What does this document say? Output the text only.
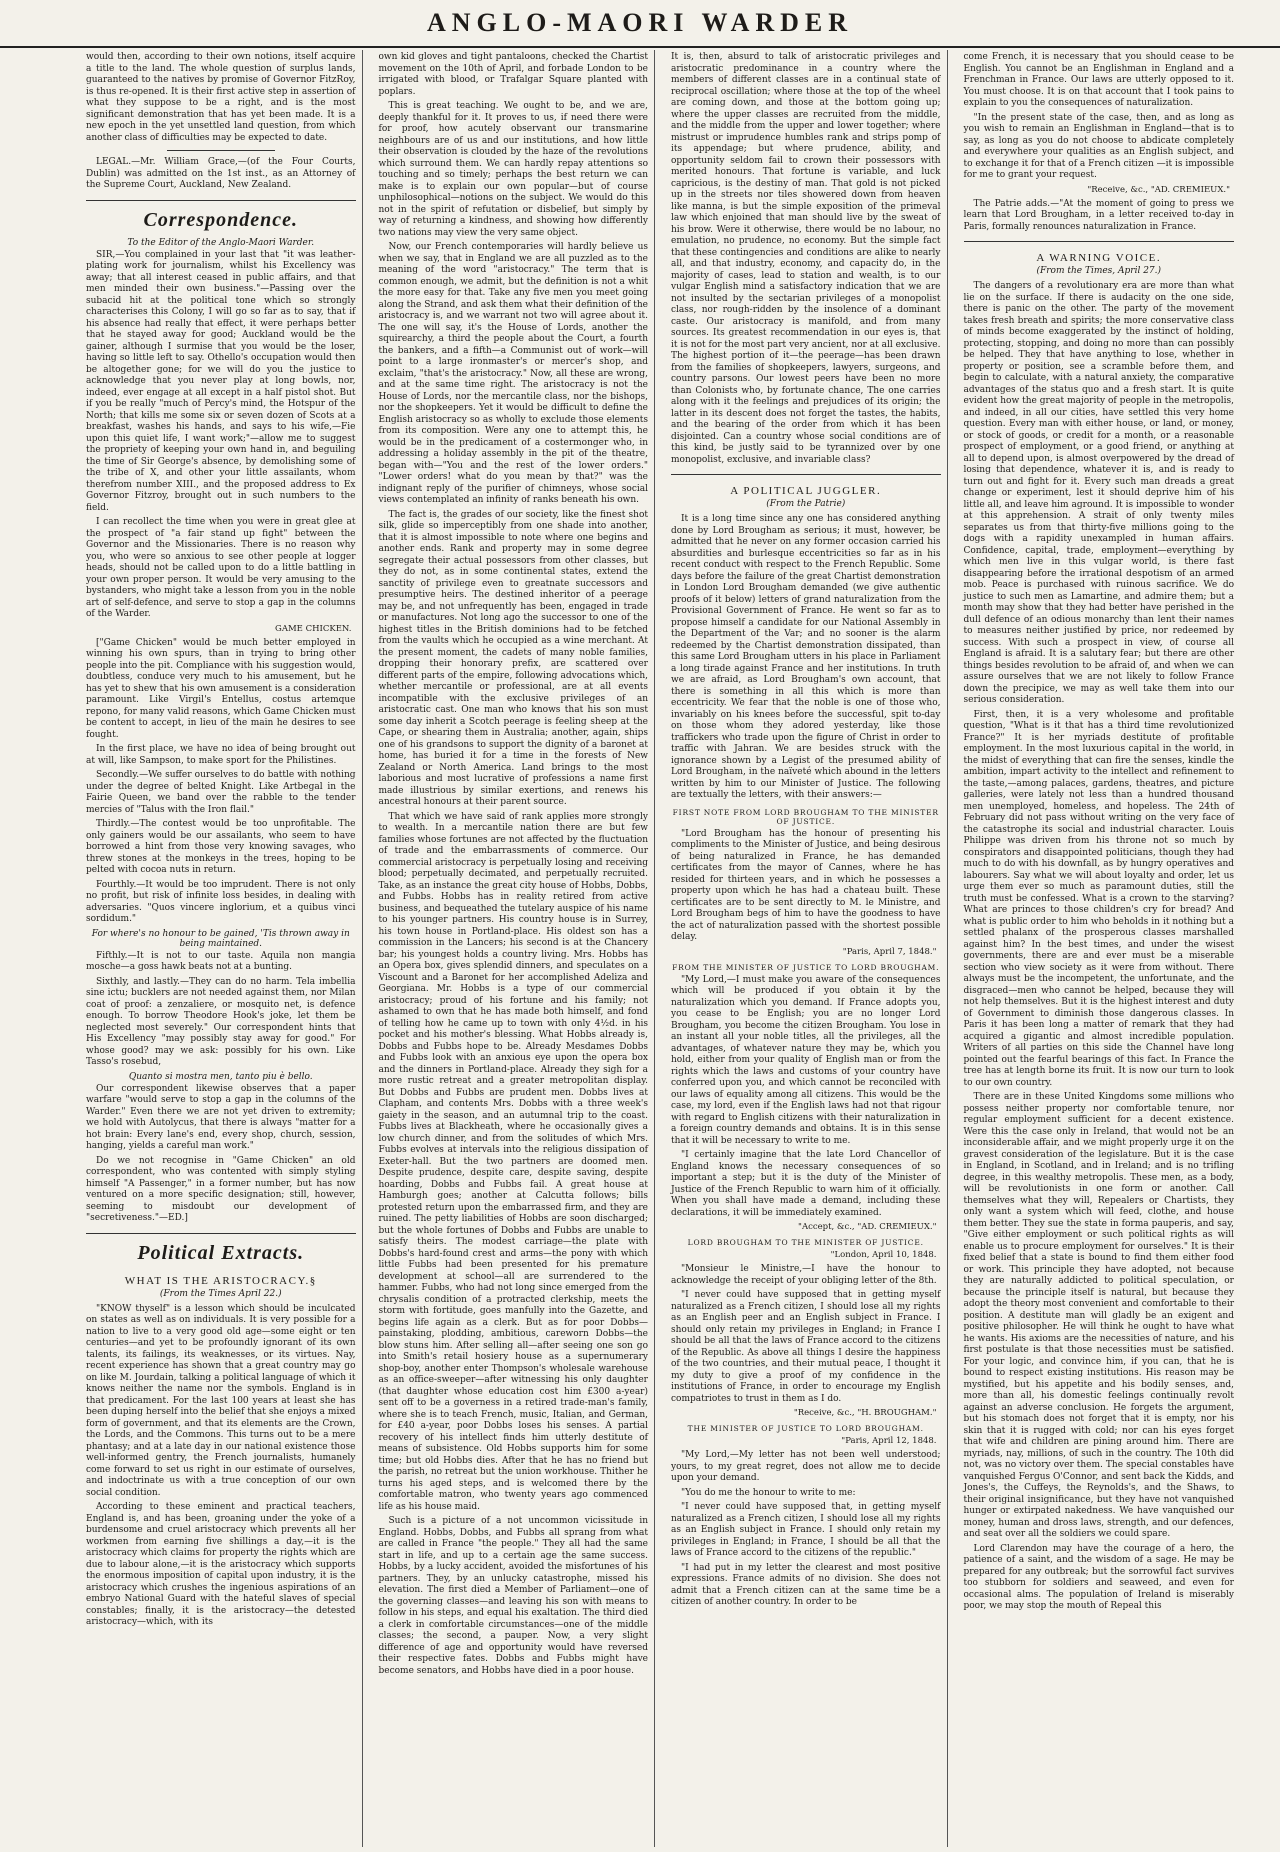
ANGLO-MAORI WARDER

would then, according to their own notions, itself acquire a title to the land. The whole question of surplus lands, guaranteed to the natives by promise of Governor FitzRoy, is thus re-opened. It is their first active step in assertion of what they suppose to be a right, and is the most significant demonstration that has yet been made. It is a new epoch in the yet unsettled land question, from which another class of difficulties may be expected to date.

LEGAL.—Mr. William Grace,—(of the Four Courts, Dublin) was admitted on the 1st inst., as an Attorney of the Supreme Court, Auckland, New Zealand.

Correspondence.
To the Editor of the Anglo-Maori Warder.

SIR,—You complained in your last that "it was leather-plating work for journalism, whilst his Excellency was away; that all interest ceased in public affairs, and that men minded their own business."—Passing over the subacid hit at the political tone which so strongly characterises this Colony, I will go so far as to say, that if his absence had really that effect, it were perhaps better that he stayed away for good; Auckland would be the gainer, although I surmise that you would be the loser, having so little left to say. Othello's occupation would then be altogether gone; for we will do you the justice to acknowledge that you never play at long bowls, nor, indeed, ever engage at all except in a half pistol shot. But if you be really "much of Percy's mind, the Hotspur of the North; that kills me some six or seven dozen of Scots at a breakfast, washes his hands, and says to his wife,—Fie upon this quiet life, I want work;"—allow me to suggest the propriety of keeping your own hand in, and beguiling the time of Sir George's absence, by demolishing some of the tribe of X, and other your little assailants, whom therefrom number XIII., and the proposed address to Ex Governor Fitzroy, brought out in such numbers to the field.

I can recollect the time when you were in great glee at the prospect of "a fair stand up fight" between the Governor and the Missionaries. There is no reason why you, who were so anxious to see other people at logger heads, should not be called upon to do a little battling in your own proper person. It would be very amusing to the bystanders, who might take a lesson from you in the noble art of self-defence, and serve to stop a gap in the columns of the Warder.

GAME CHICKEN.

["Game Chicken" would be much better employed in winning his own spurs, than in trying to bring other people into the pit. Compliance with his suggestion would, doubtless, conduce very much to his amusement, but he has yet to shew that his own amusement is a consideration paramount. Like Virgil's Entellus, costus artemque repono, for many valid reasons, which Game Chicken must be content to accept, in lieu of the main he desires to see fought.

In the first place, we have no idea of being brought out at will, like Sampson, to make sport for the Philistines.

Secondly.—We suffer ourselves to do battle with nothing under the degree of belted Knight. Like Artbegal in the Fairie Queen, we band over the rabble to the tender mercies of "Talus with the Iron flail."

Thirdly.—The contest would be too unprofitable. The only gainers would be our assailants, who seem to have borrowed a hint from those very knowing savages, who threw stones at the monkeys in the trees, hoping to be pelted with cocoa nuts in return.

Fourthly.—It would be too imprudent. There is not only no profit, but risk of infinite loss besides, in dealing with adversaries. "Quos vincere inglorium, et a quibus vinci sordidum."

For where's no honour to be gained, 'Tis thrown away in being maintained.

Fifthly.—It is not to our taste. Aquila non mangia mosche—a goss hawk beats not at a bunting.

Sixthly, and lastly.—They can do no harm. Tela imbellia sine ictu; bucklers are not needed against them, nor Milan coat of proof: a zenzaliere, or mosquito net, is defence enough. To borrow Theodore Hook's joke, let them be neglected most severely." Our correspondent hints that His Excellency "may possibly stay away for good." For whose good? may we ask: possibly for his own. Like Tasso's rosebud,

Quanto si mostra men, tanto piu è bello.

Our correspondent likewise observes that a paper warfare "would serve to stop a gap in the columns of the Warder." Even there we are not yet driven to extremity; we hold with Autolycus, that there is always "matter for a hot brain: Every lane's end, every shop, church, session, hanging, yields a careful man work."

Do we not recognise in "Game Chicken" an old correspondent, who was contented with simply styling himself "A Passenger," in a former number, but has now ventured on a more specific designation; still, however, seeming to misdoubt our development of "secretiveness."—ED.]

Political Extracts.
WHAT IS THE ARISTOCRACY.§
(From the Times April 22.)

"KNOW thyself" is a lesson which should be inculcated on states as well as on individuals. It is very possible for a nation to live to a very good old age—some eight or ten centuries—and yet to be profoundly ignorant of its own talents, its failings, its weaknesses, or its virtues. Nay, recent experience has shown that a great country may go on like M. Jourdain, talking a political language of which it knows neither the name nor the symbols. England is in that predicament. For the last 100 years at least she has been duping herself into the belief that she enjoys a mixed form of government, and that its elements are the Crown, the Lords, and the Commons. This turns out to be a mere phantasy; and at a late day in our national existence those well-informed gentry, the French journalists, humanely come forward to set us right in our estimate of ourselves, and indoctrinate us with a true conception of our own social condition.

According to these eminent and practical teachers, England is, and has been, groaning under the yoke of a burdensome and cruel aristocracy which prevents all her workmen from earning five shillings a day,—it is the aristocracy which claims for property the rights which are due to labour alone,—it is the aristocracy which supports the enormous imposition of capital upon industry, it is the aristocracy which crushes the ingenious aspirations of an embryo National Guard with the hateful slaves of special constables; finally, it is the aristocracy—the detested aristocracy—which, with its

own kid gloves and tight pantaloons, checked the Chartist movement on the 10th of April, and forbade London to be irrigated with blood, or Trafalgar Square planted with poplars.

This is great teaching. We ought to be, and we are, deeply thankful for it. It proves to us, if need there were for proof, how acutely observant our transmarine neighbours are of us and our institutions, and how little their observation is clouded by the haze of the revolutions which surround them. We can hardly repay attentions so touching and so timely; perhaps the best return we can make is to explain our own popular—but of course unphilosophical—notions on the subject. We would do this not in the spirit of refutation or disbelief, but simply by way of returning a kindness, and showing how differently two nations may view the very same object.

Now, our French contemporaries will hardly believe us when we say, that in England we are all puzzled as to the meaning of the word "aristocracy." The term that is common enough, we admit, but the definition is not a whit the more easy for that. Take any five men you meet going along the Strand, and ask them what their definition of the aristocracy is, and we warrant not two will agree about it. The one will say, it's the House of Lords, another the squirearchy, a third the people about the Court, a fourth the bankers, and a fifth—a Communist out of work—will point to a large ironmaster's or mercer's shop, and exclaim, "that's the aristocracy." Now, all these are wrong, and at the same time right. The aristocracy is not the House of Lords, nor the mercantile class, nor the bishops, nor the shopkeepers. Yet it would be difficult to define the English aristocracy so as wholly to exclude those elements from its composition. Were any one to attempt this, he would be in the predicament of a costermonger who, in addressing a holiday assembly in the pit of the theatre, began with—"You and the rest of the lower orders." "Lower orders! what do you mean by that?" was the indignant reply of the purifier of chimneys, whose social views contemplated an infinity of ranks beneath his own.

The fact is, the grades of our society, like the finest shot silk, glide so imperceptibly from one shade into another, that it is almost impossible to note where one begins and another ends. Rank and property may in some degree segregate their actual possessors from other classes, but they do not, as in some continental states, extend the sanctity of privilege even to greatnate successors and presumptive heirs. The destined inheritor of a peerage may be, and not unfrequently has been, engaged in trade or manufactures. Not long ago the successor to one of the highest titles in the British dominions had to be fetched from the vaults which he occupied as a wine merchant. At the present moment, the cadets of many noble families, dropping their honorary prefix, are scattered over different parts of the empire, following advocations which, whether mercantile or professional, are at all events incompatible with the exclusive privileges of an aristocratic cast. One man who knows that his son must some day inherit a Scotch peerage is feeling sheep at the Cape, or shearing them in Australia; another, again, ships one of his grandsons to support the dignity of a baronet at home, has buried it for a time in the forests of New Zealand or North America. Land brings to the most laborious and most lucrative of professions a name first made illustrious by similar exertions, and renews his ancestral honours at their parent source.

That which we have said of rank applies more strongly to wealth. In a mercantile nation there are but few families whose fortunes are not affected by the fluctuation of trade and the embarrassments of commerce. Our commercial aristocracy is perpetually losing and receiving blood; perpetually decimated, and perpetually recruited. Take, as an instance the great city house of Hobbs, Dobbs, and Fubbs. Hobbs has in reality retired from active business, and bequeathed the tutelary auspice of his name to his younger partners. His country house is in Surrey, his town house in Portland-place. His oldest son has a commission in the Lancers; his second is at the Chancery bar; his youngest holds a country living. Mrs. Hobbs has an Opera box, gives splendid dinners, and speculates on a Viscount and a Baronet for her accomplished Adeliza and Georgiana. Mr. Hobbs is a type of our commercial aristocracy; proud of his fortune and his family; not ashamed to own that he has made both himself, and fond of telling how he came up to town with only 4½d. in his pocket and his mother's blessing. What Hobbs already is, Dobbs and Fubbs hope to be. Already Mesdames Dobbs and Fubbs look with an anxious eye upon the opera box and the dinners in Portland-place. Already they sigh for a more rustic retreat and a greater metropolitan display. But Dobbs and Fubbs are prudent men. Dobbs lives at Clapham, and contents Mrs. Dobbs with a three week's gaiety in the season, and an autumnal trip to the coast. Fubbs lives at Blackheath, where he occasionally gives a low church dinner, and from the solitudes of which Mrs. Fubbs evolves at intervals into the religious dissipation of Exeter-hall. But the two partners are doomed men. Despite prudence, despite care, despite saving, despite hoarding, Dobbs and Fubbs fail. A great house at Hamburgh goes; another at Calcutta follows; bills protested return upon the embarrassed firm, and they are ruined. The petty liabilities of Hobbs are soon discharged; but the whole fortunes of Dobbs and Fubbs are unable to satisfy theirs. The modest carriage—the plate with Dobbs's hard-found crest and arms—the pony with which little Fubbs had been presented for his premature development at school—all are surrendered to the hammer. Fubbs, who had not long since emerged from the chrysalis condition of a protracted clerkship, meets the storm with fortitude, goes manfully into the Gazette, and begins life again as a clerk. But as for poor Dobbs—painstaking, plodding, ambitious, careworn Dobbs—the blow stuns him. After selling all—after seeing one son go into Smith's retail hosiery house as a supernumerary shop-boy, another enter Thompson's wholesale warehouse as an office-sweeper—after witnessing his only daughter (that daughter whose education cost him £300 a-year) sent off to be a governess in a retired trade-man's family, where she is to teach French, music, Italian, and German, for £40 a-year, poor Dobbs loses his senses. A partial recovery of his intellect finds him utterly destitute of means of subsistence. Old Hobbs supports him for some time; but old Hobbs dies. After that he has no friend but the parish, no retreat but the union workhouse. Thither he turns his aged steps, and is welcomed there by the comfortable matron, who twenty years ago commenced life as his house maid.

Such is a picture of a not uncommon vicissitude in England. Hobbs, Dobbs, and Fubbs all sprang from what are called in France "the people." They all had the same start in life, and up to a certain age the same success. Hobbs, by a lucky accident, avoided the misfortunes of his partners. They, by an unlucky catastrophe, missed his elevation. The first died a Member of Parliament—one of the governing classes—and leaving his son with means to follow in his steps, and equal his exaltation. The third died a clerk in comfortable circumstances—one of the middle classes; the second, a pauper. Now, a very slight difference of age and opportunity would have reversed their respective fates. Dobbs and Fubbs might have become senators, and Hobbs have died in a poor house.

It is, then, absurd to talk of aristocratic privileges and aristocratic predominance in a country where the members of different classes are in a continual state of reciprocal oscillation; where those at the top of the wheel are coming down, and those at the bottom going up; where the upper classes are recruited from the middle, and the middle from the upper and lower together; where mistrust or imprudence humbles rank and strips pomp of its appendage; but where prudence, ability, and opportunity seldom fail to crown their possessors with merited honours. That fortune is variable, and luck capricious, is the destiny of man. That gold is not picked up in the streets nor tiles showered down from heaven like manna, is but the simple exposition of the primeval law which enjoined that man should live by the sweat of his brow. Were it otherwise, there would be no labour, no emulation, no prudence, no economy. But the simple fact that these contingencies and conditions are alike to nearly all, and that industry, economy, and capacity do, in the majority of cases, lead to station and wealth, is to our vulgar English mind a satisfactory indication that we are not insulted by the sectarian privileges of a monopolist class, nor rough-ridden by the insolence of a dominant caste. Our aristocracy is manifold, and from many sources. Its greatest recommendation in our eyes is, that it is not for the most part very ancient, nor at all exclusive. The highest portion of it—the peerage—has been drawn from the families of shopkeepers, lawyers, surgeons, and country parsons. Our lowest peers have been no more than Colonists who, by fortunate chance, The one carries along with it the feelings and prejudices of its origin; the latter in its descent does not forget the tastes, the habits, and the bearing of the order from which it has been disjointed. Can a country whose social conditions are of this kind, be justly said to be tyrannized over by one monopolist, exclusive, and invariable class?

A POLITICAL JUGGLER.
(From the Patrie)

It is a long time since any one has considered anything done by Lord Brougham as serious; it must, however, be admitted that he never on any former occasion carried his absurdities and burlesque eccentricities so far as in his recent conduct with respect to the French Republic. Some days before the failure of the great Chartist demonstration in London Lord Brougham demanded (we give authentic proofs of it below) letters of grand naturalization from the Provisional Government of France. He went so far as to propose himself a candidate for our National Assembly in the Department of the Var; and no sooner is the alarm redeemed by the Chartist demonstration dissipated, than this same Lord Brougham utters in his place in Parliament a long tirade against France and her institutions. In truth we are afraid, as Lord Brougham's own account, that there is something in all this which is more than eccentricity. We fear that the noble is one of those who, invariably on his knees before the successful, spit to-day on those whom they adored yesterday, like those traffickers who trade upon the figure of Christ in order to traffic with Jahran. We are besides struck with the ignorance shown by a Legist of the presumed ability of Lord Brougham, in the naïveté which abound in the letters written by him to our Minister of Justice. The following are textually the letters, with their answers:—

FIRST NOTE FROM LORD BROUGHAM TO THE MINISTER OF JUSTICE.

"Lord Brougham has the honour of presenting his compliments to the Minister of Justice, and being desirous of being naturalized in France, he has demanded certificates from the mayor of Cannes, where he has resided for thirteen years, and in which he possesses a property upon which he has had a chateau built. These certificates are to be sent directly to M. le Ministre, and Lord Brougham begs of him to have the goodness to have the act of naturalization passed with the shortest possible delay.

"Paris, April 7, 1848."
FROM THE MINISTER OF JUSTICE TO LORD BROUGHAM.

"My Lord,—I must make you aware of the consequences which will be produced if you obtain it by the naturalization which you demand. If France adopts you, you cease to be English; you are no longer Lord Brougham, you become the citizen Brougham. You lose in an instant all your noble titles, all the privileges, all the advantages, of whatever nature they may be, which you hold, either from your quality of English man or from the rights which the laws and customs of your country have conferred upon you, and which cannot be reconciled with our laws of equality among all citizens. This would be the case, my lord, even if the English laws had not that rigour with regard to English citizens with their naturalization in a foreign country demands and obtains. It is in this sense that it will be necessary to write to me.

"I certainly imagine that the late Lord Chancellor of England knows the necessary consequences of so important a step; but it is the duty of the Minister of Justice of the French Republic to warn him of it officially. When you shall have made a demand, including these declarations, it will be immediately examined.

"Accept, &c., "AD. CREMIEUX."
LORD BROUGHAM TO THE MINISTER OF JUSTICE.
"London, April 10, 1848.

"Monsieur le Ministre,—I have the honour to acknowledge the receipt of your obliging letter of the 8th.

"I never could have supposed that in getting myself naturalized as a French citizen, I should lose all my rights as an English peer and an English subject in France. I should only retain my privileges in England; in France I should be all that the laws of France accord to the citizens of the Republic. As above all things I desire the happiness of the two countries, and their mutual peace, I thought it my duty to give a proof of my confidence in the institutions of France, in order to encourage my English compatriotes to trust in them as I do.

"Receive, &c., "H. BROUGHAM."
THE MINISTER OF JUSTICE TO LORD BROUGHAM.
"Paris, April 12, 1848.

"My Lord,—My letter has not been well understood; yours, to my great regret, does not allow me to decide upon your demand.

"You do me the honour to write to me:

"I never could have supposed that, in getting myself naturalized as a French citizen, I should lose all my rights as an English subject in France. I should only retain my privileges in England; in France, I should be all that the laws of France accord to the citizens of the republic."

"I had put in my letter the clearest and most positive expressions. France admits of no division. She does not admit that a French citizen can at the same time be a citizen of another country. In order to be

come French, it is necessary that you should cease to be English. You cannot be an Englishman in England and a Frenchman in France. Our laws are utterly opposed to it. You must choose. It is on that account that I took pains to explain to you the consequences of naturalization.

"In the present state of the case, then, and as long as you wish to remain an Englishman in England—that is to say, as long as you do not choose to abdicate completely and everywhere your qualities as an English subject, and to exchange it for that of a French citizen —it is impossible for me to grant your request.

"Receive, &c., "AD. CREMIEUX."

The Patrie adds.—"At the moment of going to press we learn that Lord Brougham, in a letter received to-day in Paris, formally renounces naturalization in France.

A WARNING VOICE.
(From the Times, April 27.)

The dangers of a revolutionary era are more than what lie on the surface. If there is audacity on the one side, there is panic on the other. The party of the movement takes fresh breath and spirits; the more conservative class of minds become exaggerated by the instinct of holding, protecting, stopping, and doing no more than can possibly be helped. They that have anything to lose, whether in property or position, see a scramble before them, and begin to calculate, with a natural anxiety, the comparative advantages of the status quo and a fresh start. It is quite evident how the great majority of people in the metropolis, and indeed, in all our cities, have settled this very home question. Every man with either house, or land, or money, or stock of goods, or credit for a month, or a reasonable prospect of employment, or a good friend, or anything at all to depend upon, is almost overpowered by the dread of losing that dependence, whatever it is, and is ready to turn out and fight for it. Every such man dreads a great change or experiment, lest it should deprive him of his little all, and leave him aground. It is impossible to wonder at this apprehension. A strait of only twenty miles separates us from that thirty-five millions going to the dogs with a rapidity unexampled in human affairs. Confidence, capital, trade, employment—everything by which men live in this vulgar world, is there fast disappearing before the irrational despotism of an armed mob. Peace is purchased with ruinous sacrifice. We do justice to such men as Lamartine, and admire them; but a month may show that they had better have perished in the dull defence of an odious monarchy than lent their names to measures neither justified by price, nor redeemed by success. With such a prospect in view, of course all England is afraid. It is a salutary fear; but there are other things besides revolution to be afraid of, and when we can assure ourselves that we are not likely to follow France down the precipice, we may as well take them into our serious consideration.

First, then, it is a very wholesome and profitable question, "What is it that has a third time revolutionized France?" It is her myriads destitute of profitable employment. In the most luxurious capital in the world, in the midst of everything that can fire the senses, kindle the ambition, impart activity to the intellect and refinement to the taste,—among palaces, gardens, theatres, and picture galleries, were lately not less than a hundred thousand men unemployed, homeless, and hopeless. The 24th of February did not pass without writing on the very face of the catastrophe its social and industrial character. Louis Philippe was driven from his throne not so much by conspirators and disappointed politicians, though they had much to do with his downfall, as by hungry operatives and labourers. Say what we will about loyalty and order, let us urge them ever so much as paramount duties, still the truth must be confessed. What is a crown to the starving? What are princes to those children's cry for bread? And what is public order to him who beholds in it nothing but a settled phalanx of the prosperous classes marshalled against him? In the best times, and under the wisest governments, there are and ever must be a miserable section who view society as it were from without. There always must be the incompetent, the unfortunate, and the disgraced—men who cannot be helped, because they will not help themselves. But it is the highest interest and duty of Government to diminish those dangerous classes. In Paris it has been long a matter of remark that they had acquired a gigantic and almost incredible population. Writers of all parties on this side the Channel have long pointed out the fearful bearings of this fact. In France the tree has at length borne its fruit. It is now our turn to look to our own country.

There are in these United Kingdoms some millions who possess neither property nor comfortable tenure, nor regular employment sufficient for a decent existence. Were this the case only in Ireland, that would not be an inconsiderable affair, and we might properly urge it on the gravest consideration of the legislature. But it is the case in England, in Scotland, and in Ireland; and is no trifling degree, in this wealthy metropolis. These men, as a body, will be revolutionists in one form or another. Call themselves what they will, Repealers or Chartists, they only want a system which will feed, clothe, and house them better. They sue the state in forma pauperis, and say, "Give either employment or such political rights as will enable us to procure employment for ourselves." It is their fixed belief that a state is bound to find them either food or work. This principle they have adopted, not because they are naturally addicted to political speculation, or because the principle itself is natural, but because they adopt the theory most convenient and comfortable to their position. A destitute man will gladly be an exigent and positive philosopher. He will think he ought to have what he wants. His axioms are the necessities of nature, and his first postulate is that those necessities must be satisfied. For your logic, and convince him, if you can, that he is bound to respect existing institutions. His reason may be mystified, but his appetite and his bodily senses, and, more than all, his domestic feelings continually revolt against an adverse conclusion. He forgets the argument, but his stomach does not forget that it is empty, nor his skin that it is rugged with cold; nor can his eyes forget that wife and children are pining around him. There are myriads, nay, millions, of such in the country. The 10th did not, was no victory over them. The special constables have vanquished Fergus O'Connor, and sent back the Kidds, and Jones's, the Cuffeys, the Reynolds's, and the Shaws, to their original insignificance, but they have not vanquished hunger or extirpated nakedness. We have vanquished our money, human and dross laws, strength, and our defences, and seat over all the soldiers we could spare.

Lord Clarendon may have the courage of a hero, the patience of a saint, and the wisdom of a sage. He may be prepared for any outbreak; but the sorrowful fact survives too stubborn for soldiers and seaweed, and even for occasional alms. The population of Ireland is miserably poor, we may stop the mouth of Repeal this
